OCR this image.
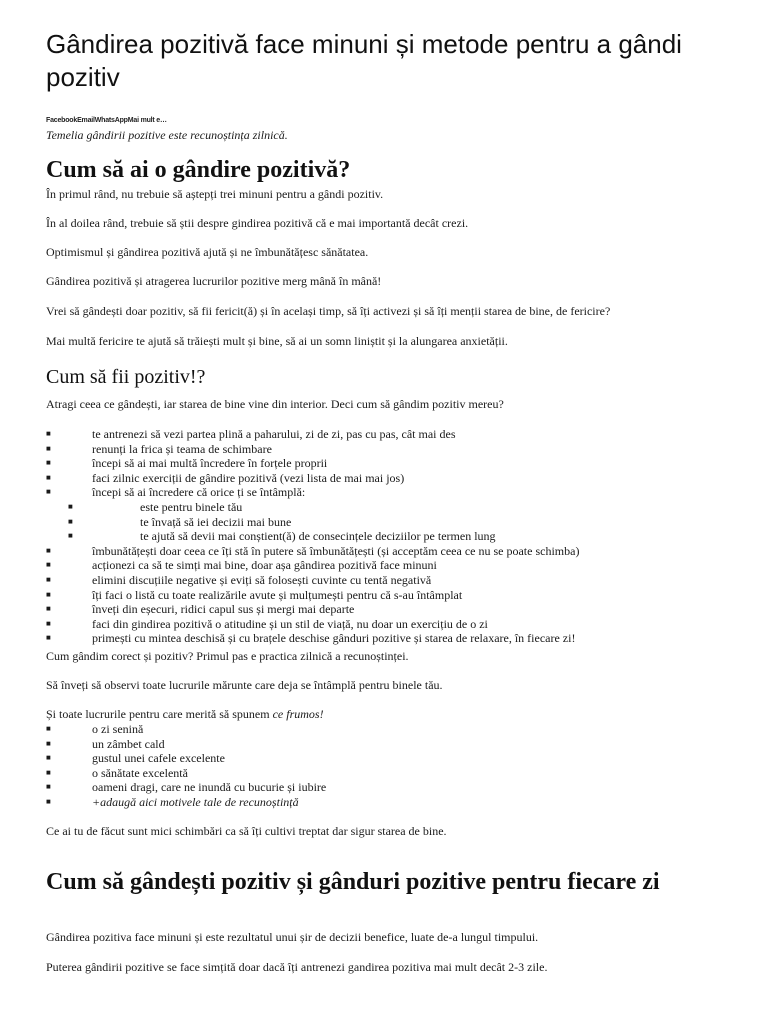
Gândirea pozitivă face minuni și metode pentru a gândi pozitiv
FacebookEmailWhatsAppMai mult e…
Temelia gândirii pozitive este recunoștința zilnică.
Cum să ai o gândire pozitivă?
În primul rând, nu trebuie să aștepți trei minuni pentru a gândi pozitiv.
În al doilea rând, trebuie să știi despre gindirea pozitivă că e mai importantă decât crezi.
Optimismul și gândirea pozitivă ajută și ne îmbunătățesc sănătatea.
Gândirea pozitivă și atragerea lucrurilor pozitive merg mână în mână!
Vrei să gândești doar pozitiv, să fii fericit(ă) și în același timp, să îți activezi și să îți menții starea de bine, de fericire?
Mai multă fericire te ajută să trăiești mult și bine, să ai un somn liniștit și la alungarea anxietății.
Cum să fii pozitiv!?
Atragi ceea ce gândești, iar starea de bine vine din interior. Deci cum să gândim pozitiv mereu?
■	te antrenezi să vezi partea plină a paharului, zi de zi, pas cu pas, cât mai des
■	renunți la frica și teama de schimbare
■	începi să ai mai multă încredere în forțele proprii
■	faci zilnic exerciții de gândire pozitivă (vezi lista de mai mai jos)
■	începi să ai încredere că orice ți se întâmplă:
■	este pentru binele tău
■	te învață să iei decizii mai bune
■	te ajută să devii mai conștient(ă) de consecințele deciziilor pe termen lung
■	îmbunătățești doar ceea ce îți stă în putere să îmbunătățești (și acceptăm ceea ce nu se poate schimba)
■	acționezi ca să te simți mai bine, doar așa gândirea pozitivă face minuni
■	elimini discuțiile negative și eviți să folosești cuvinte cu tentă negativă
■	îți faci o listă cu toate realizările avute și mulțumești pentru că s-au întâmplat
■	înveți din eșecuri, ridici capul sus și mergi mai departe
■	faci din gindirea pozitivă o atitudine și un stil de viață, nu doar un exercițiu de o zi
■	primești cu mintea deschisă și cu brațele deschise gânduri pozitive și starea de relaxare, în fiecare zi!
Cum gândim corect și pozitiv? Primul pas e practica zilnică a recunoștinței.
Să înveți să observi toate lucrurile mărunte care deja se întâmplă pentru binele tău.
Și toate lucrurile pentru care merită să spunem ce frumos!
■	o zi senină
■	un zâmbet cald
■	gustul unei cafele excelente
■	o sănătate excelentă
■	oameni dragi, care ne inundă cu bucurie și iubire
■	+adaugă aici motivele tale de recunoștință
Ce ai tu de făcut sunt mici schimbări ca să îți cultivi treptat dar sigur starea de bine.
Cum să gândești pozitiv și gânduri pozitive pentru fiecare zi
Gândirea pozitiva face minuni și este rezultatul unui șir de decizii benefice, luate de-a lungul timpului.
Puterea gândirii pozitive se face simțită doar dacă îți antrenezi gandirea pozitiva mai mult decât 2-3 zile.
